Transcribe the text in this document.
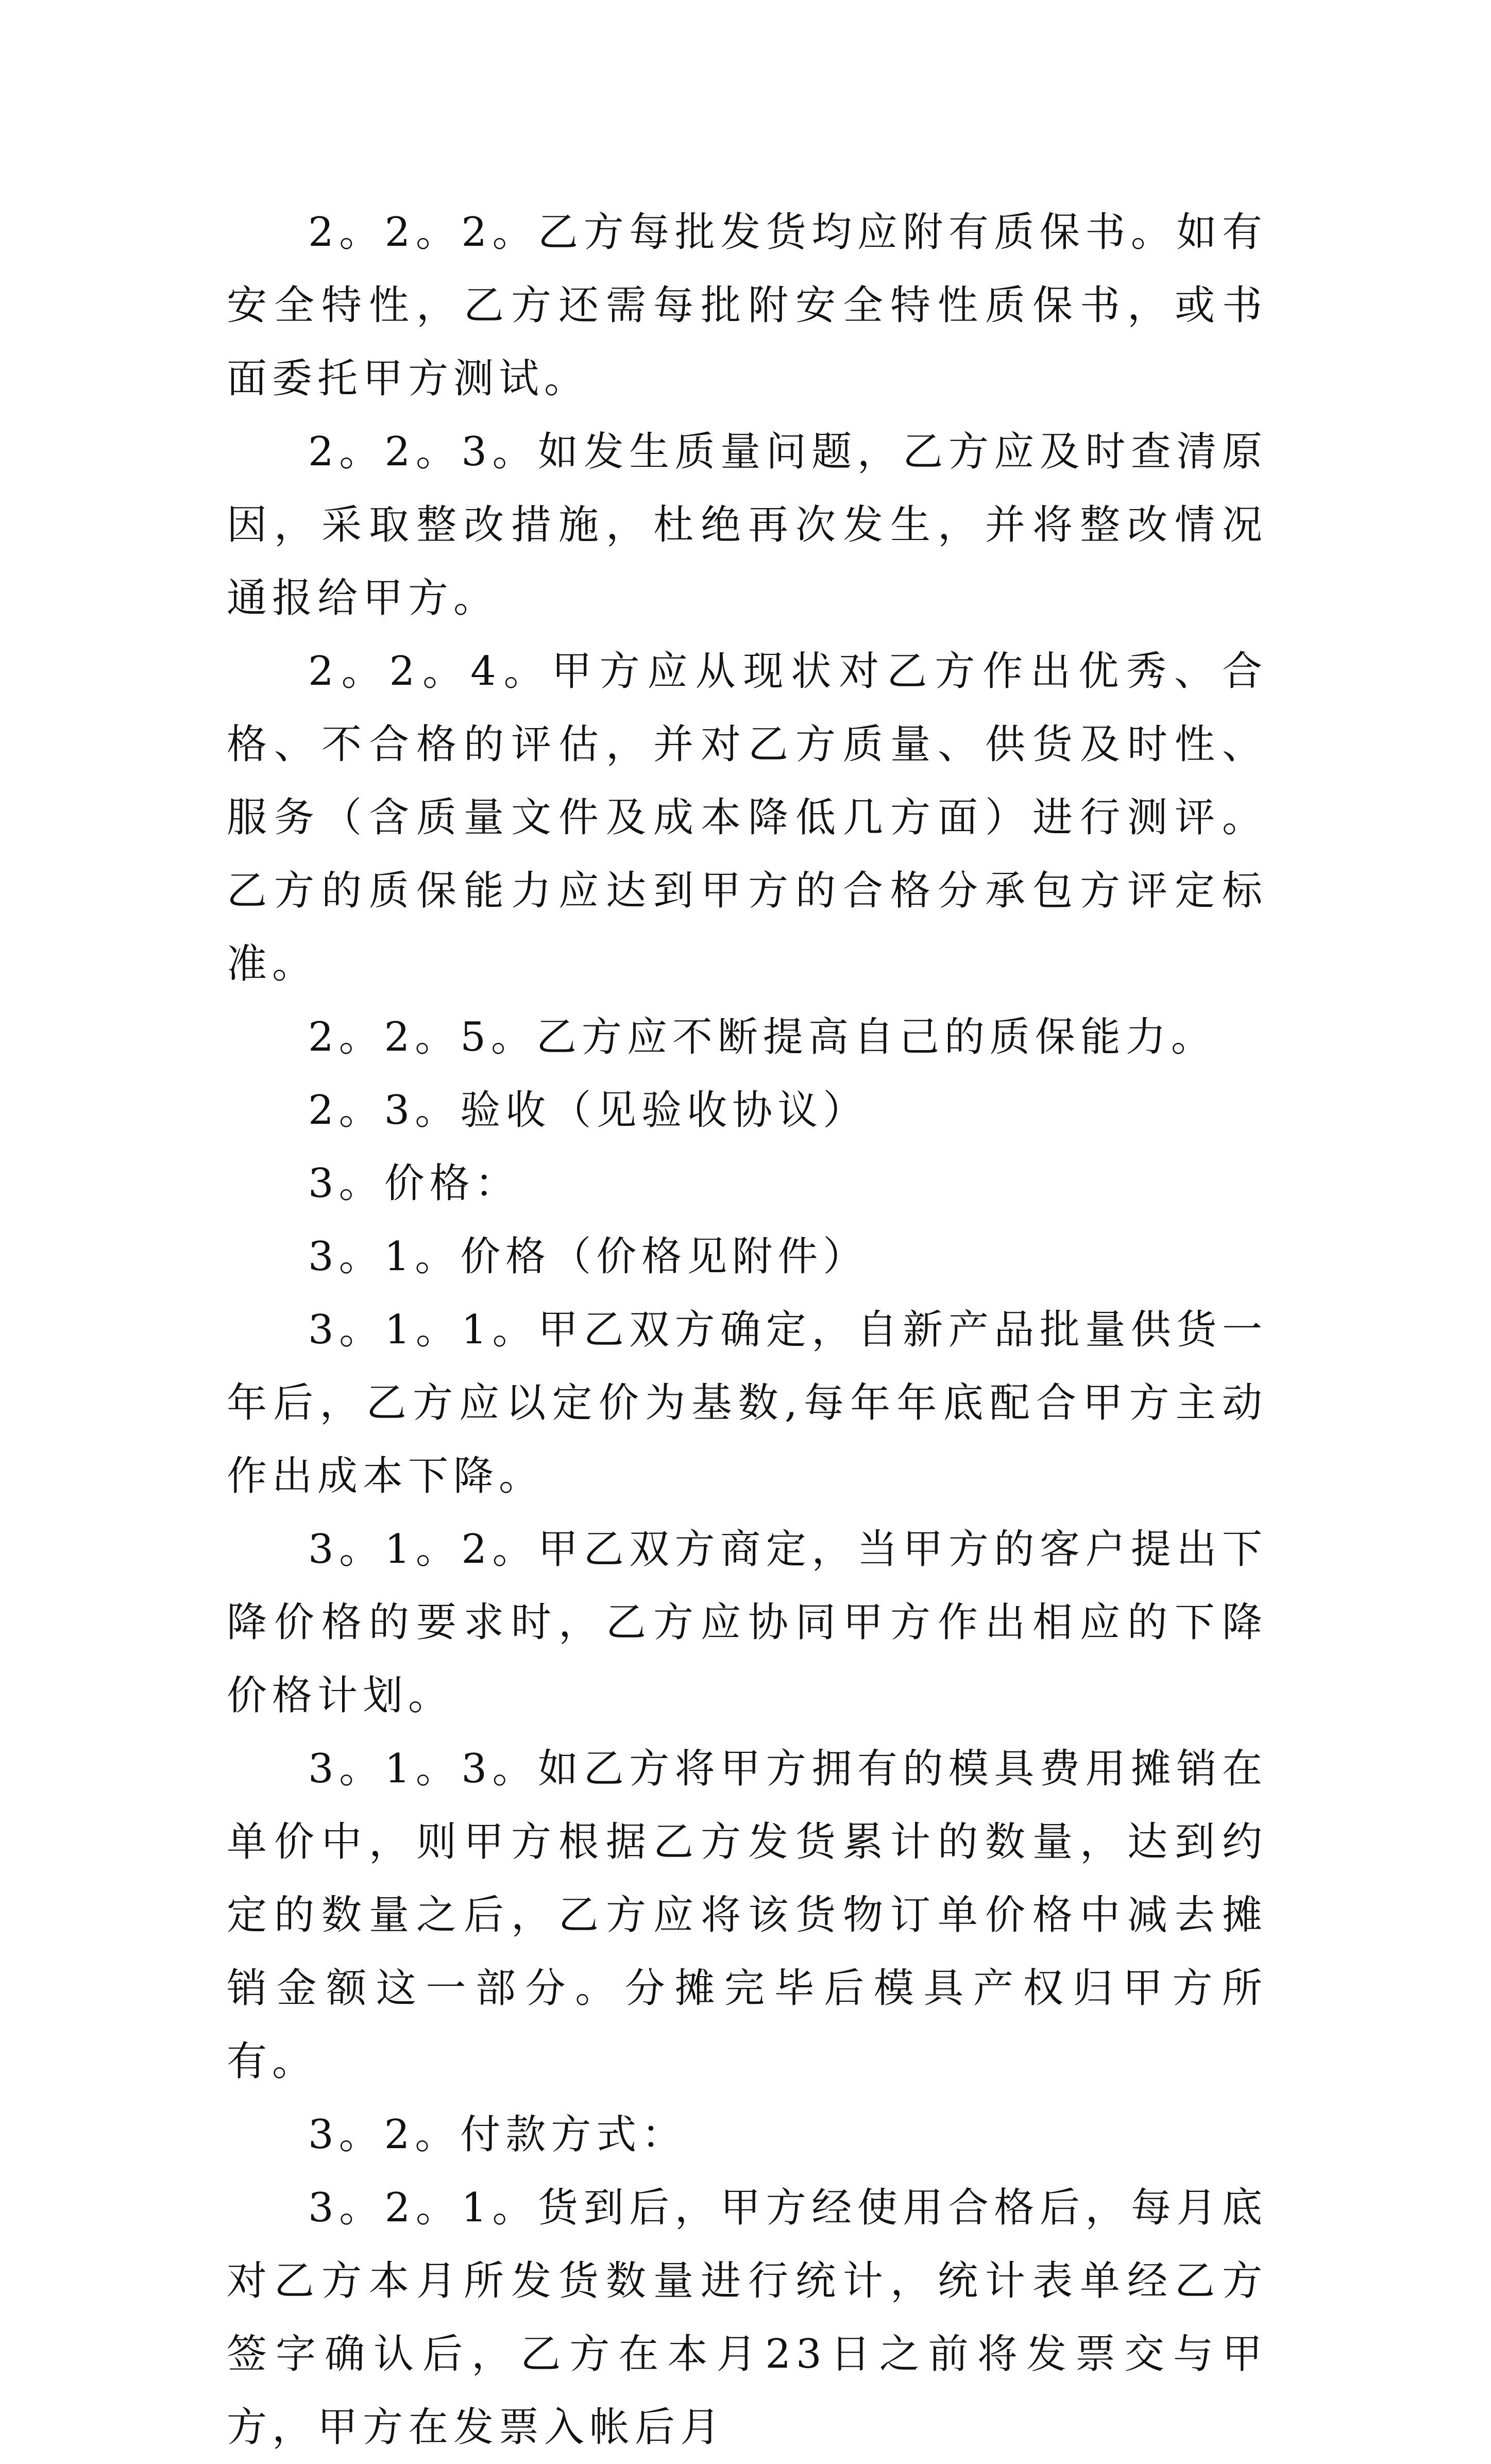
2。2。2。乙方每批发货均应附有质保书。如有安全特性，乙方还需每批附安全特性质保书，或书面委托甲方测试。

2。2。3。如发生质量问题，乙方应及时查清原因，采取整改措施，杜绝再次发生，并将整改情况通报给甲方。

2。2。4。甲方应从现状对乙方作出优秀、合格、不合格的评估，并对乙方质量、供货及时性、服务（含质量文件及成本降低几方面）进行测评。乙方的质保能力应达到甲方的合格分承包方评定标准。

2。2。5。乙方应不断提高自己的质保能力。

2。3。验收（见验收协议）

3。价格：

3。1。价格（价格见附件）

3。1。1。甲乙双方确定，自新产品批量供货一年后，乙方应以定价为基数,每年年底配合甲方主动作出成本下降。

3。1。2。甲乙双方商定，当甲方的客户提出下降价格的要求时，乙方应协同甲方作出相应的下降价格计划。

3。1。3。如乙方将甲方拥有的模具费用摊销在单价中，则甲方根据乙方发货累计的数量，达到约定的数量之后，乙方应将该货物订单价格中减去摊销金额这一部分。分摊完毕后模具产权归甲方所有。

3。2。付款方式：

3。2。1。货到后，甲方经使用合格后，每月底对乙方本月所发货数量进行统计，统计表单经乙方签字确认后，乙方在本月23日之前将发票交与甲方，甲方在发票入帐后月
